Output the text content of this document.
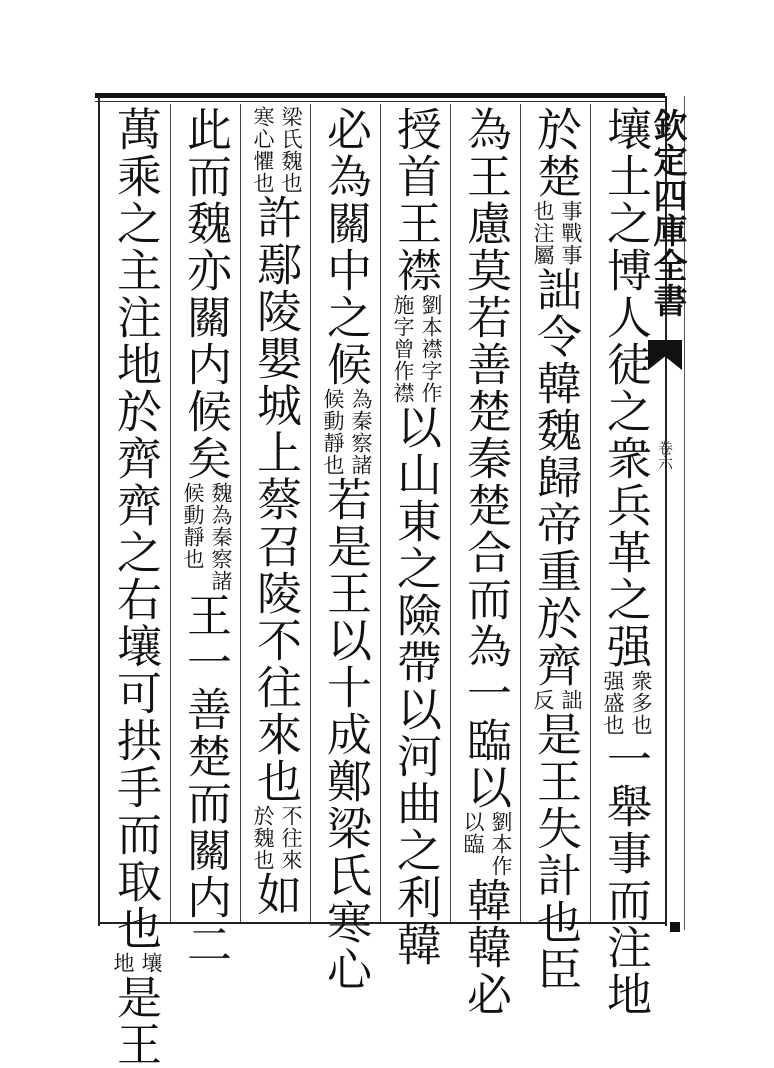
欽定四庫全書
卷六
壤土之博人徒之衆兵革之强
衆多也
强盛也
一舉事而注地
於楚
事戰事
也注屬
詘令韓魏歸帝重於齊
詘
反
是王失計也臣
為王慮莫若善楚秦楚合而為一臨以
劉本作
以臨
韓韓必
授首王襟
劉本襟字作
施字曾作襟
以山東之險帶以河曲之利韓
必為關中之候
為秦察諸
候動靜也
若是王以十成鄭梁氏寒心
梁氏魏也
寒心懼也
許鄢陵嬰城上蔡召陵不往來也
不往來
於魏也
如
此而魏亦關内候矣
魏為秦察諸
候動靜也
王一善楚而關内二
萬乘之主注地於齊齊之右壤可拱手而取也
壤
地
是王
